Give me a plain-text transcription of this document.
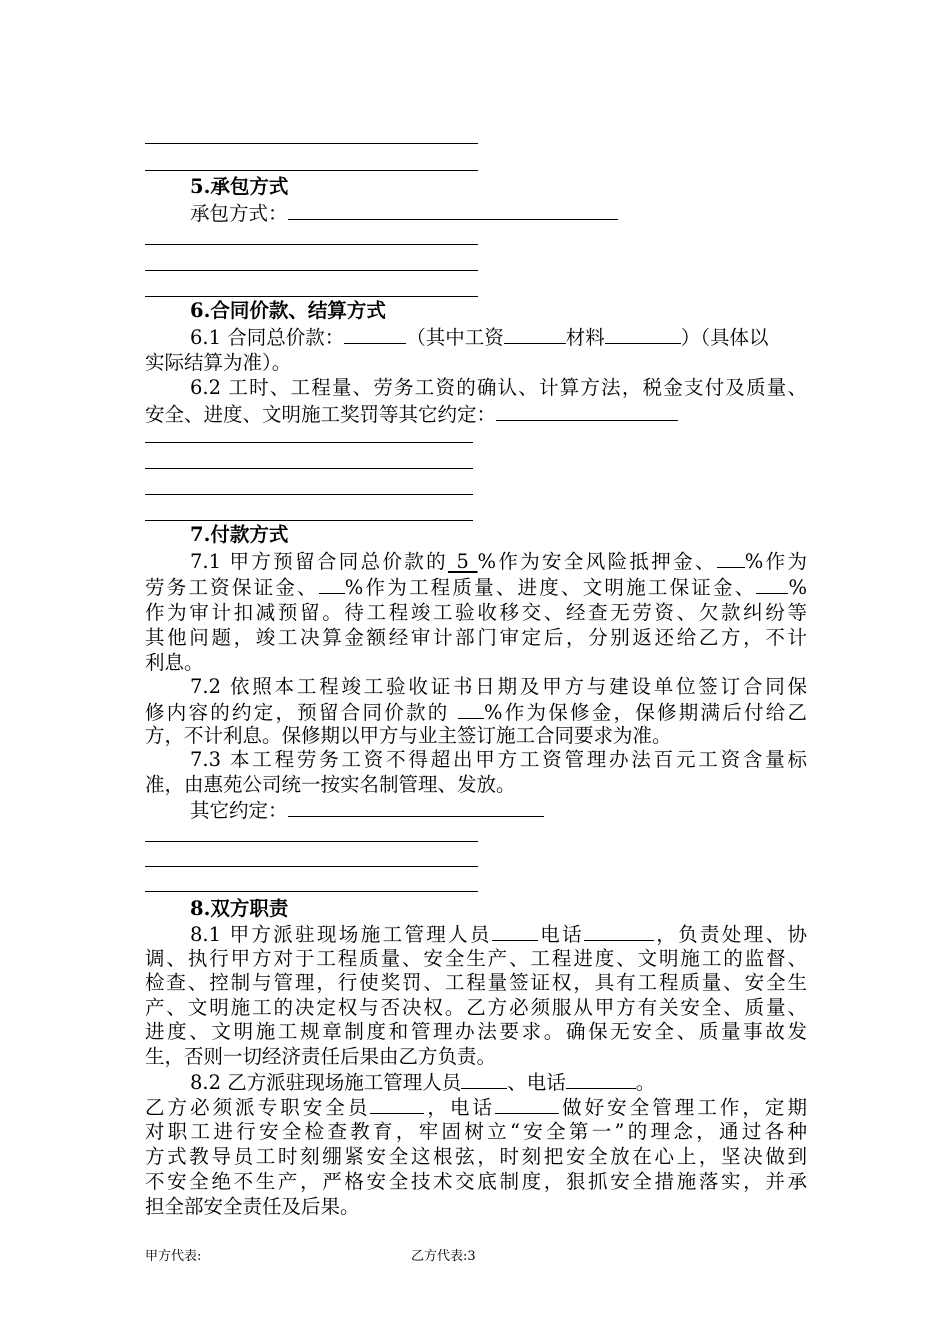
5.承包方式
承包方式：
6.合同价款、结算方式
6.1 合同总价款：	（其中工资	材料	）（具体以
实际结算为准）。
6.2 工时、工程量、劳务工资的确认、计算方法，税金支付及质量、
安全、进度、文明施工奖罚等其它约定：
7.付款方式
7.1 甲方预留合同总价款的 5 %作为安全风险抵押金、 %作为
劳务工资保证金、 %作为工程质量、进度、文明施工保证金、 %
作为审计扣减预留。待工程竣工验收移交、经查无劳资、欠款纠纷等
其他问题，竣工决算金额经审计部门审定后，分别返还给乙方，不计
利息。
7.2 依照本工程竣工验收证书日期及甲方与建设单位签订合同保
修内容的约定，预留合同价款的 %作为保修金，保修期满后付给乙
方，不计利息。保修期以甲方与业主签订施工合同要求为准。
7.3 本工程劳务工资不得超出甲方工资管理办法百元工资含量标
准，由惠苑公司统一按实名制管理、发放。
其它约定：
8.双方职责
8.1 甲方派驻现场施工管理人员 电话	，负责处理、协
调、执行甲方对于工程质量、安全生产、工程进度、文明施工的监督、
检查、控制与管理，行使奖罚、工程量签证权，具有工程质量、安全生
产、文明施工的决定权与否决权。乙方必须服从甲方有关安全、质量、
进度、文明施工规章制度和管理办法要求。确保无安全、质量事故发
生，否则一切经济责任后果由乙方负责。
8.2 乙方派驻现场施工管理人员 、电话	。
乙方必须派专职安全员	，电话	做好安全管理工作，定期
对职工进行安全检查教育，牢固树立“安全第一”的理念，通过各种
方式教导员工时刻绷紧安全这根弦，时刻把安全放在心上，坚决做到
不安全绝不生产，严格安全技术交底制度，狠抓安全措施落实，并承
担全部安全责任及后果。
甲方代表:	乙方代表:3
